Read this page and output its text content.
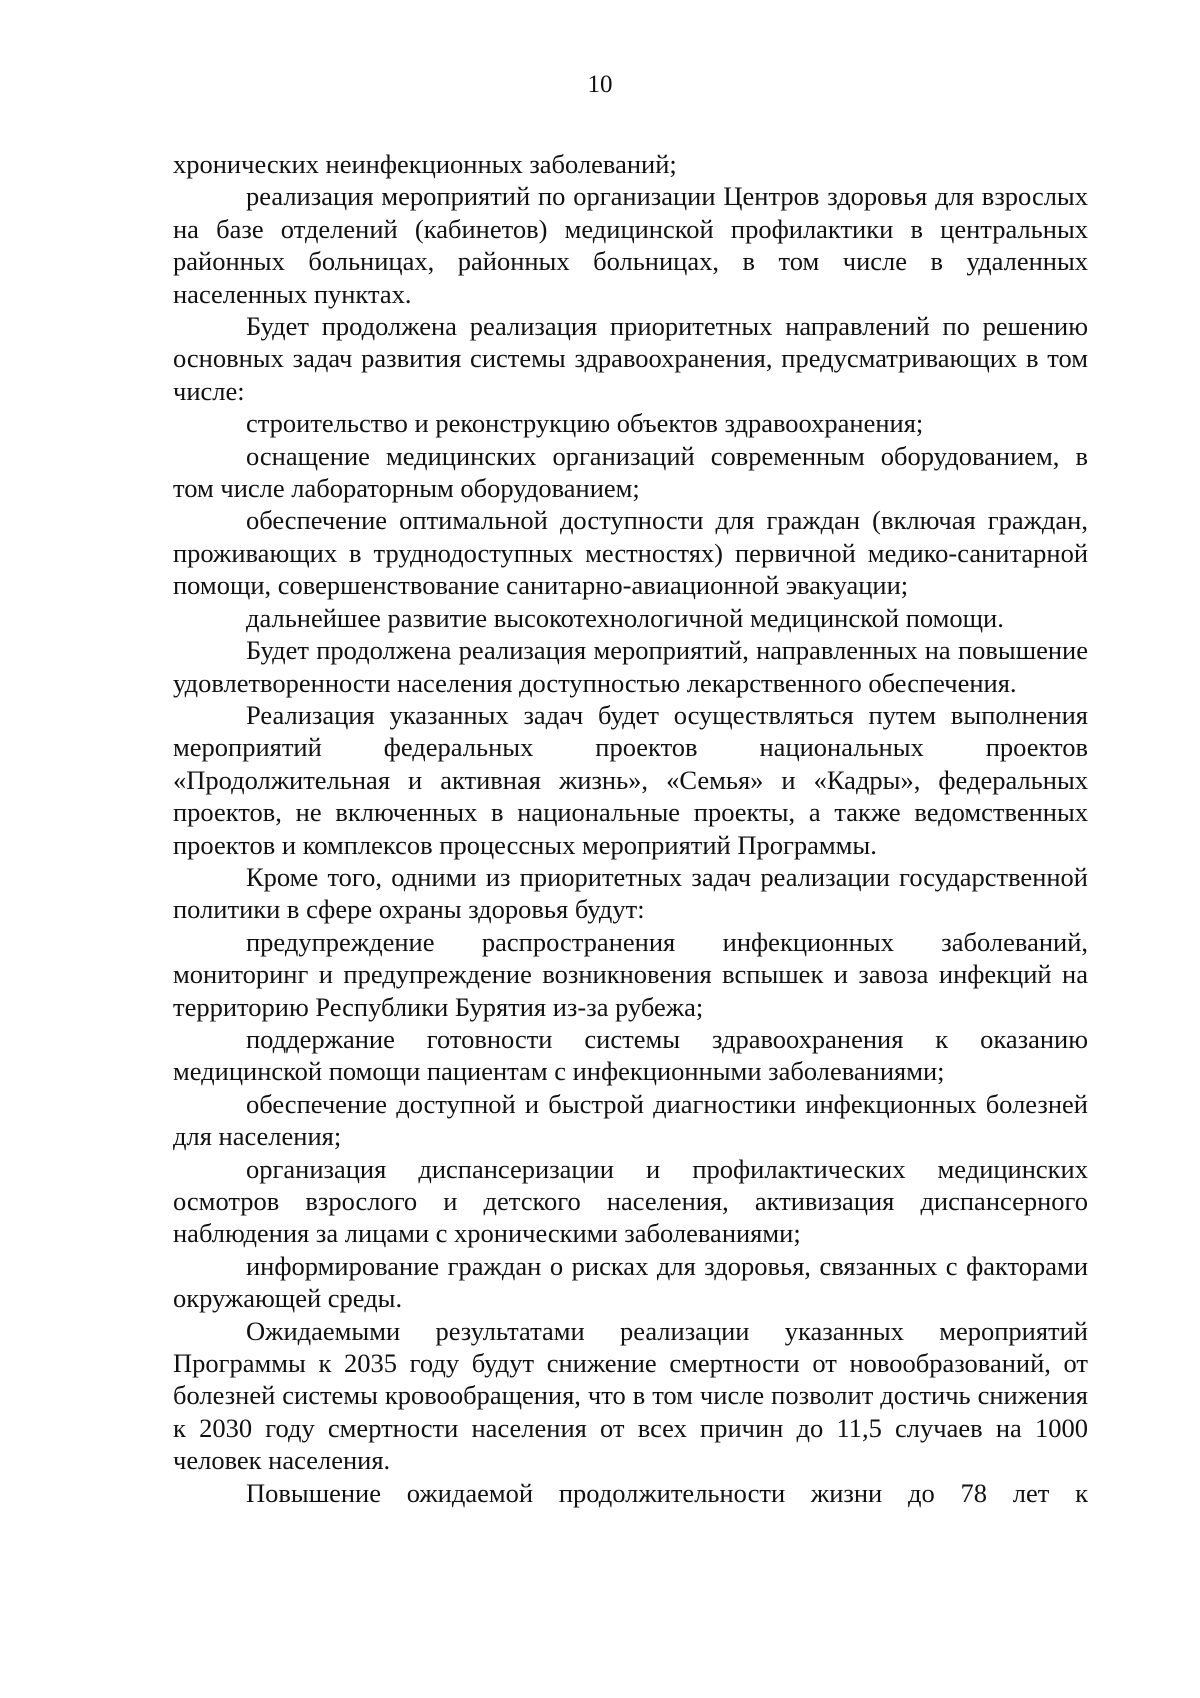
10

хронических неинфекционных заболеваний;

реализация мероприятий по организации Центров здоровья для взрослых на базе отделений (кабинетов) медицинской профилактики в центральных районных больницах, районных больницах, в том числе в удаленных населенных пунктах.

Будет продолжена реализация приоритетных направлений по решению основных задач развития системы здравоохранения, предусматривающих в том числе:

строительство и реконструкцию объектов здравоохранения;

оснащение медицинских организаций современным оборудованием, в том числе лабораторным оборудованием;

обеспечение оптимальной доступности для граждан (включая граждан, проживающих в труднодоступных местностях) первичной медико-санитарной помощи, совершенствование санитарно-авиационной эвакуации;

дальнейшее развитие высокотехнологичной медицинской помощи.

Будет продолжена реализация мероприятий, направленных на повышение удовлетворенности населения доступностью лекарственного обеспечения.

Реализация указанных задач будет осуществляться путем выполнения мероприятий федеральных проектов национальных проектов «Продолжительная и активная жизнь», «Семья» и «Кадры», федеральных проектов, не включенных в национальные проекты, а также ведомственных проектов и комплексов процессных мероприятий Программы.

Кроме того, одними из приоритетных задач реализации государственной политики в сфере охраны здоровья будут:

предупреждение распространения инфекционных заболеваний, мониторинг и предупреждение возникновения вспышек и завоза инфекций на территорию Республики Бурятия из-за рубежа;

поддержание готовности системы здравоохранения к оказанию медицинской помощи пациентам с инфекционными заболеваниями;

обеспечение доступной и быстрой диагностики инфекционных болезней для населения;

организация диспансеризации и профилактических медицинских осмотров взрослого и детского населения, активизация диспансерного наблюдения за лицами с хроническими заболеваниями;

информирование граждан о рисках для здоровья, связанных с факторами окружающей среды.

Ожидаемыми результатами реализации указанных мероприятий Программы к 2035 году будут снижение смертности от новообразований, от болезней системы кровообращения, что в том числе позволит достичь снижения к 2030 году смертности населения от всех причин до 11,5 случаев на 1000 человек населения.

Повышение ожидаемой продолжительности жизни до 78 лет к
